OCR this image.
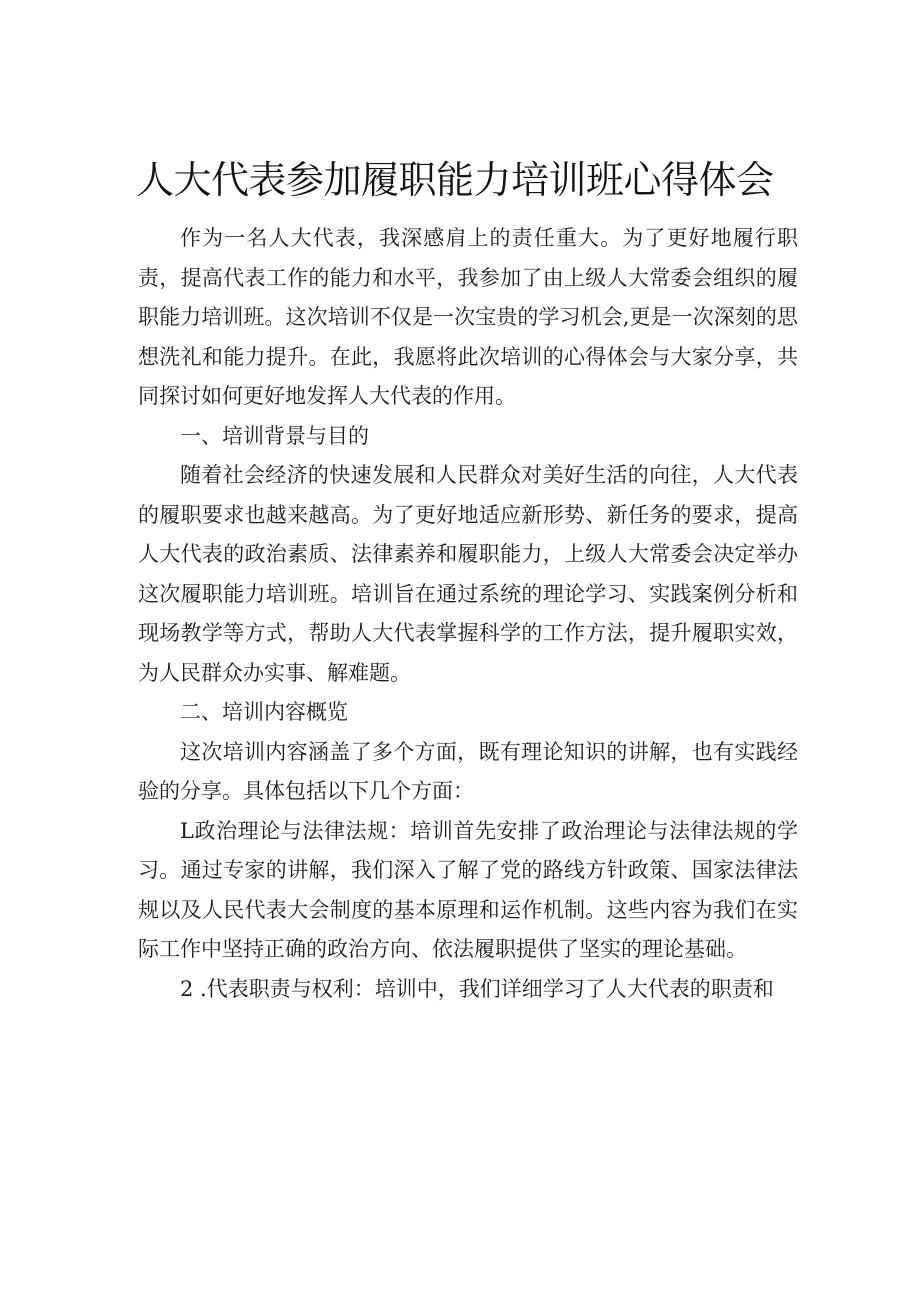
人大代表参加履职能力培训班心得体会

作为一名人大代表，我深感肩上的责任重大。为了更好地履行职责，提高代表工作的能力和水平，我参加了由上级人大常委会组织的履职能力培训班。这次培训不仅是一次宝贵的学习机会,更是一次深刻的思想洗礼和能力提升。在此，我愿将此次培训的心得体会与大家分享，共同探讨如何更好地发挥人大代表的作用。

一、培训背景与目的

随着社会经济的快速发展和人民群众对美好生活的向往，人大代表的履职要求也越来越高。为了更好地适应新形势、新任务的要求，提高人大代表的政治素质、法律素养和履职能力，上级人大常委会决定举办这次履职能力培训班。培训旨在通过系统的理论学习、实践案例分析和现场教学等方式，帮助人大代表掌握科学的工作方法，提升履职实效，为人民群众办实事、解难题。

二、培训内容概览

这次培训内容涵盖了多个方面，既有理论知识的讲解，也有实践经验的分享。具体包括以下几个方面：

L政治理论与法律法规：培训首先安排了政治理论与法律法规的学习。通过专家的讲解，我们深入了解了党的路线方针政策、国家法律法规以及人民代表大会制度的基本原理和运作机制。这些内容为我们在实际工作中坚持正确的政治方向、依法履职提供了坚实的理论基础。

2 .代表职责与权利：培训中，我们详细学习了人大代表的职责和
